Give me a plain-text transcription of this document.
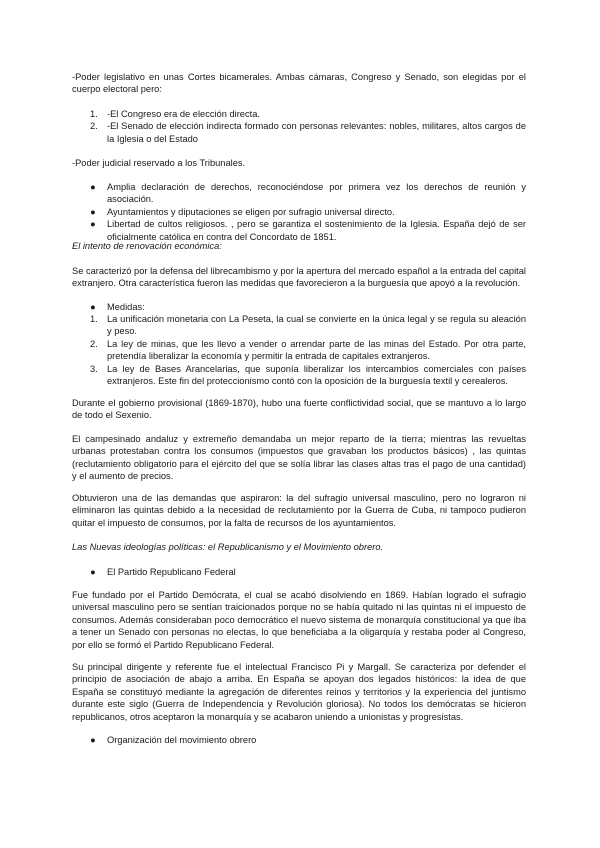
-Poder legislativo en unas Cortes bicamerales. Ambas cámaras, Congreso y Senado, son elegidas por el cuerpo electoral pero:

1. -El Congreso era de elección directa.
2. -El Senado de elección indirecta formado con personas relevantes: nobles, militares, altos cargos de la Iglesia o del Estado

-Poder judicial reservado a los Tribunales.

● Amplia declaración de derechos, reconociéndose por primera vez los derechos de reunión y asociación.
● Ayuntamientos y diputaciones se eligen por sufragio universal directo.
● Libertad de cultos religiosos. , pero se garantiza el sostenimiento de la Iglesia. España dejó de ser oficialmente católica en contra del Concordato de 1851.

El intento de renovación económica:

Se caracterizó por la defensa del librecambismo y por la apertura del mercado español a la entrada del capital extranjero. Otra característica fueron las medidas que favorecieron a la burguesía que apoyó a la revolución.

● Medidas:
1. La unificación monetaria con La Peseta, la cual se convierte en la única legal y se regula su aleación y peso.
2. La ley de minas, que les llevo a vender o arrendar parte de las minas del Estado. Por otra parte, pretendía liberalizar la economía y permitir la entrada de capitales extranjeros.
3. La ley de Bases Arancelarias, que suponía liberalizar los intercambios comerciales con países extranjeros. Este fin del proteccionismo contó con la oposición de la burguesía textil y cerealeros.

Durante el gobierno provisional (1869-1870), hubo una fuerte conflictividad social, que se mantuvo a lo largo de todo el Sexenio.

El campesinado andaluz y extremeño demandaba un mejor reparto de la tierra; mientras las revueltas urbanas protestaban contra los consumos (impuestos que gravaban los productos básicos) , las quintas (reclutamiento obligatorio para el ejército del que se solía librar las clases altas tras el pago de una cantidad) y el aumento de precios.

Obtuvieron una de las demandas que aspiraron: la del sufragio universal masculino, pero no lograron ni eliminaron las quintas debido a la necesidad de reclutamiento por la Guerra de Cuba, ni tampoco pudieron quitar el impuesto de consumos, por la falta de recursos de los ayuntamientos.

Las Nuevas ideologías políticas: el Republicanismo y el Movimiento obrero.

● El Partido Republicano Federal

Fue fundado por el Partido Demócrata, el cual se acabó disolviendo en 1869. Habían logrado el sufragio universal masculino pero se sentían traicionados porque no se había quitado ni las quintas ni el impuesto de consumos. Además consideraban poco democrático el nuevo sistema de monarquía constitucional ya que iba a tener un Senado con personas no electas, lo que beneficiaba a la oligarquía y restaba poder al Congreso, por ello se formó el Partido Republicano Federal.

Su principal dirigente y referente fue el intelectual Francisco Pi y Margall. Se caracteriza por defender el principio de asociación de abajo a arriba. En España se apoyan dos legados históricos: la idea de que España se constituyó mediante la agregación de diferentes reinos y territorios y la experiencia del juntismo durante este siglo (Guerra de Independencia y Revolución gloriosa). No todos los demócratas se hicieron republicanos, otros aceptaron la monarquía y se acabaron uniendo a unionistas y progresistas.

● Organización del movimiento obrero
